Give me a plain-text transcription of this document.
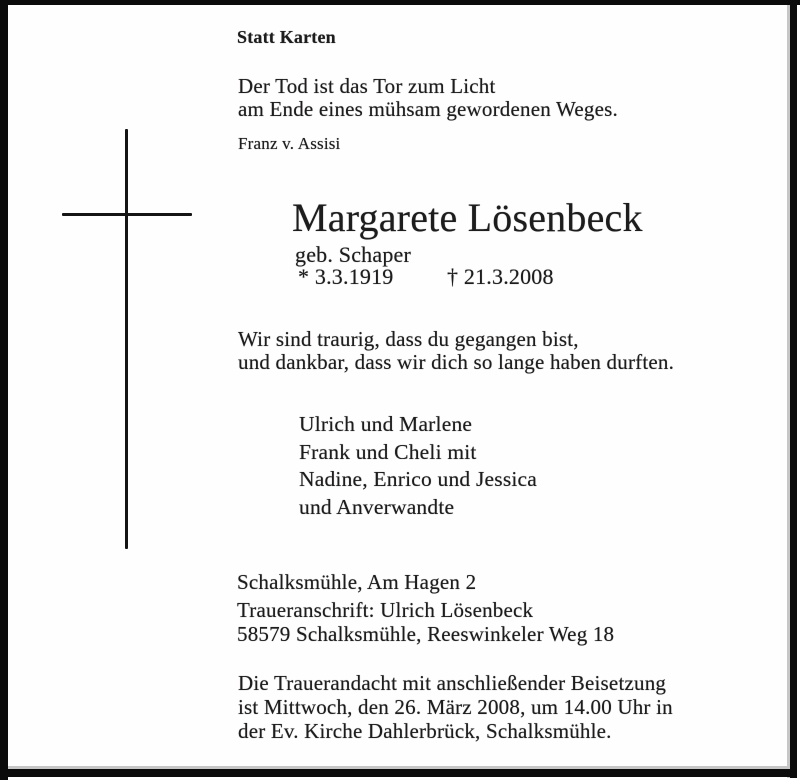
Statt Karten
Der Tod ist das Tor zum Licht
am Ende eines mühsam gewordenen Weges.
Franz v. Assisi
Margarete Lösenbeck
geb. Schaper
* 3.3.1919 † 21.3.2008
Wir sind traurig, dass du gegangen bist,
und dankbar, dass wir dich so lange haben durften.
Ulrich und Marlene
Frank und Cheli mit
Nadine, Enrico und Jessica
und Anverwandte
Schalksmühle, Am Hagen 2
Traueranschrift: Ulrich Lösenbeck
58579 Schalksmühle, Reeswinkeler Weg 18
Die Trauerandacht mit anschließender Beisetzung
ist Mittwoch, den 26. März 2008, um 14.00 Uhr in
der Ev. Kirche Dahlerbrück, Schalksmühle.
